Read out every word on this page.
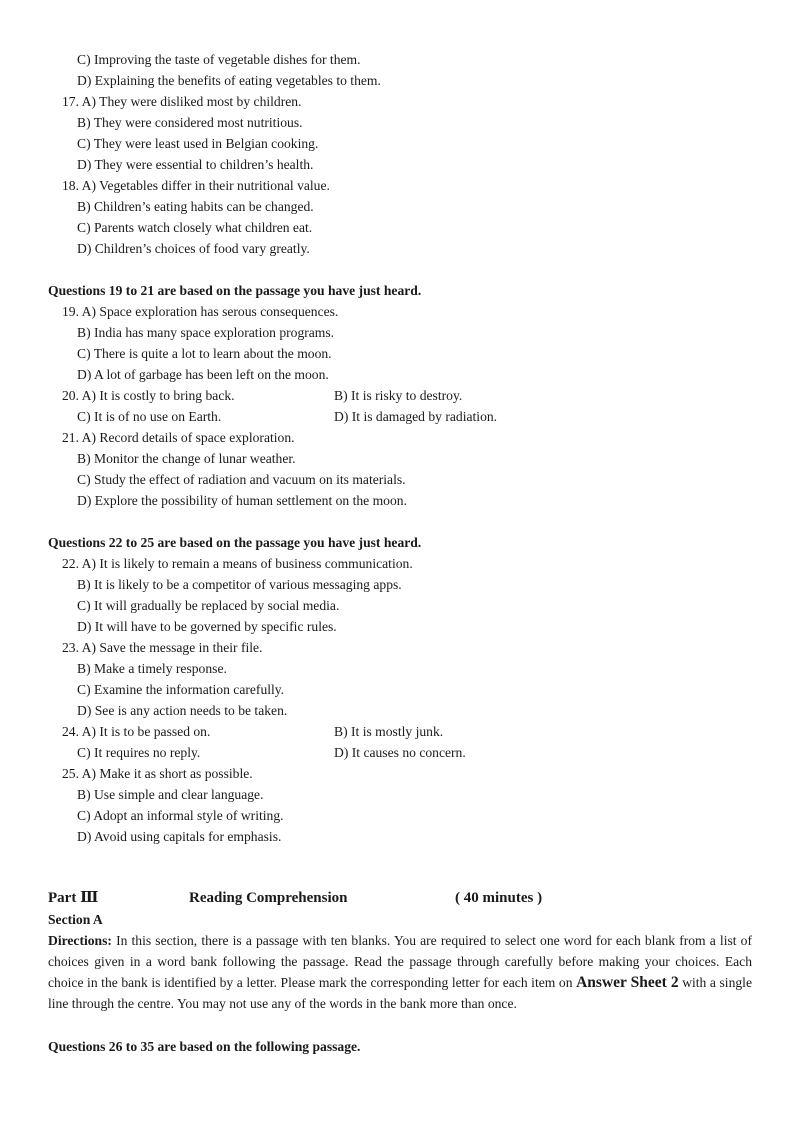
C) Improving the taste of vegetable dishes for them.
D) Explaining the benefits of eating vegetables to them.
17. A) They were disliked most by children.
B) They were considered most nutritious.
C) They were least used in Belgian cooking.
D) They were essential to children’s health.
18. A) Vegetables differ in their nutritional value.
B) Children’s eating habits can be changed.
C) Parents watch closely what children eat.
D) Children’s choices of food vary greatly.
Questions 19 to 21 are based on the passage you have just heard.
19. A) Space exploration has serous consequences.
B) India has many space exploration programs.
C) There is quite a lot to learn about the moon.
D) A lot of garbage has been left on the moon.
20. A) It is costly to bring back.	B) It is risky to destroy.
C) It is of no use on Earth.	D) It is damaged by radiation.
21. A) Record details of space exploration.
B) Monitor the change of lunar weather.
C) Study the effect of radiation and vacuum on its materials.
D) Explore the possibility of human settlement on the moon.
Questions 22 to 25 are based on the passage you have just heard.
22. A) It is likely to remain a means of business communication.
B) It is likely to be a competitor of various messaging apps.
C) It will gradually be replaced by social media.
D) It will have to be governed by specific rules.
23. A) Save the message in their file.
B) Make a timely response.
C) Examine the information carefully.
D) See is any action needs to be taken.
24. A) It is to be passed on.	B) It is mostly junk.
C) It requires no reply.	D) It causes no concern.
25. A) Make it as short as possible.
B) Use simple and clear language.
C) Adopt an informal style of writing.
D) Avoid using capitals for emphasis.
Part Ⅲ	Reading Comprehension	( 40 minutes )
Section A
Directions: In this section, there is a passage with ten blanks. You are required to select one word for each blank from a list of choices given in a word bank following the passage. Read the passage through carefully before making your choices. Each choice in the bank is identified by a letter. Please mark the corresponding letter for each item on Answer Sheet 2 with a single line through the centre. You may not use any of the words in the bank more than once.
Questions 26 to 35 are based on the following passage.
